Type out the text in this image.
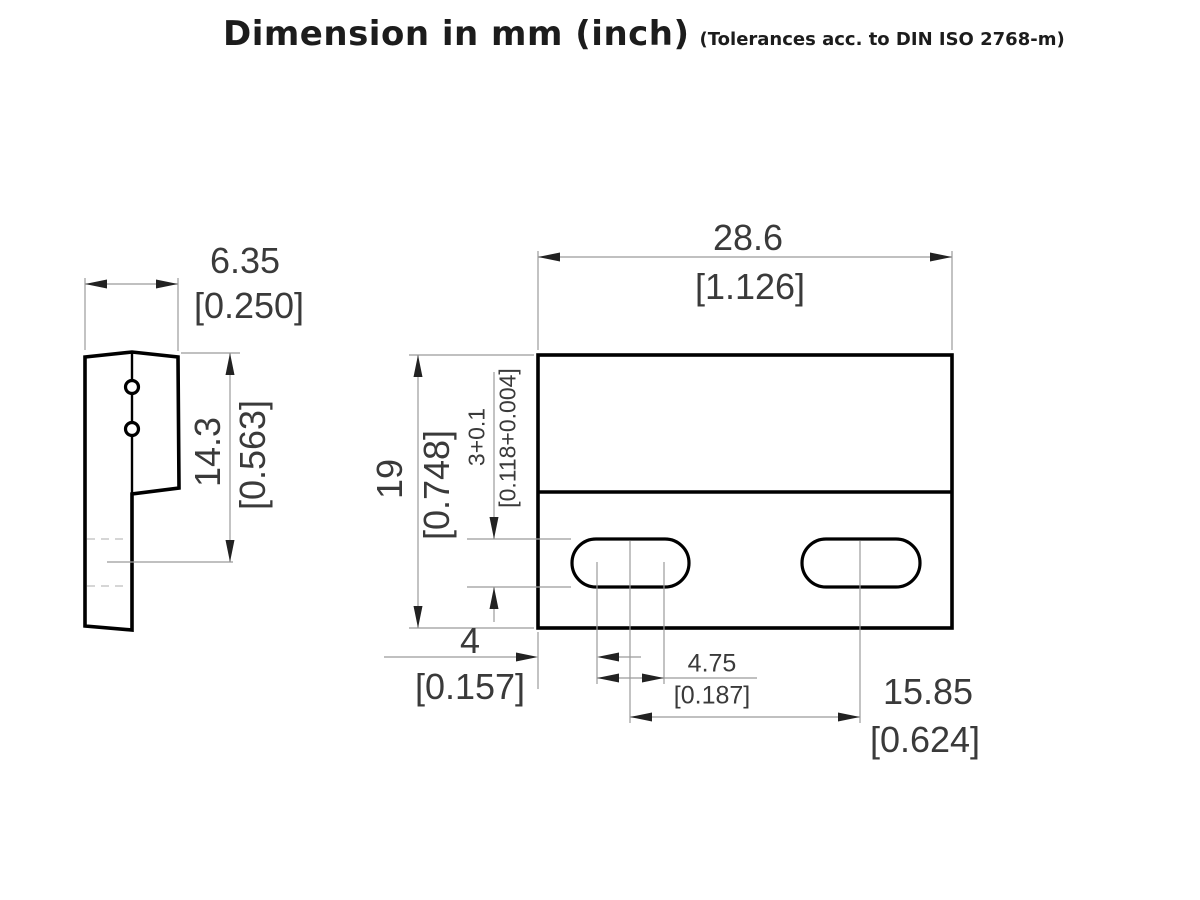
Dimension in mm (inch) (Tolerances acc. to DIN ISO 2768-m)
6.35
[0.250]
14.3 [0.563]
28.6
[1.126]
19 [0.748] 3+0.1 [0.118+0.004]
4
[0.157]
4.75
[0.187]	15.85
[0.624]
